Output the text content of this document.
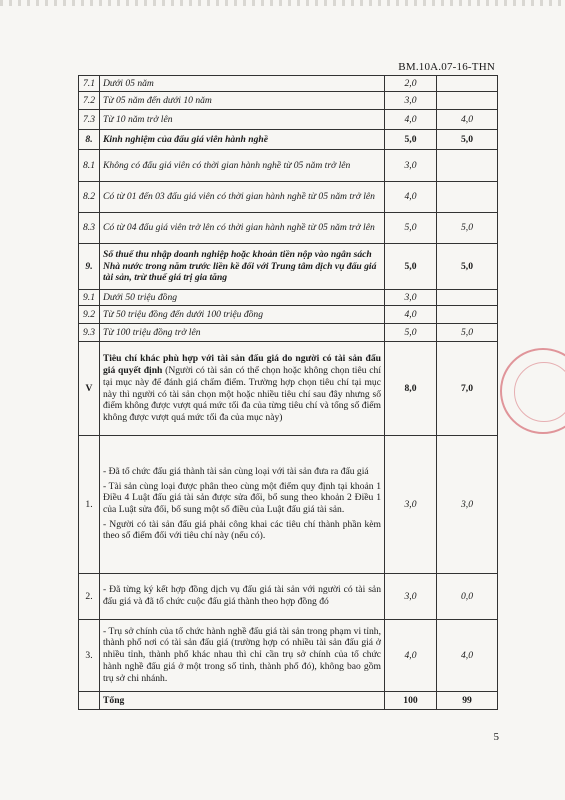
BM.10A.07-16-THN
7.1	Dưới 05 năm	2,0	
7.2	Từ 05 năm đến dưới 10 năm	3,0	
7.3	Từ 10 năm trở lên	4,0	4,0
8.	Kinh nghiệm của đấu giá viên hành nghề	5,0	5,0
8.1	Không có đấu giá viên có thời gian hành nghề từ 05 năm trở lên	3,0	
8.2	Có từ 01 đến 03 đấu giá viên có thời gian hành nghề từ 05 năm trở lên	4,0	
8.3	Có từ 04 đấu giá viên trở lên có thời gian hành nghề từ 05 năm trở lên	5,0	5,0
9.	Số thuế thu nhập doanh nghiệp hoặc khoản tiền nộp vào ngân sách Nhà nước trong năm trước liền kề đối với Trung tâm dịch vụ đấu giá tài sản, trừ thuế giá trị gia tăng	5,0	5,0
9.1	Dưới 50 triệu đồng	3,0	
9.2	Từ 50 triệu đồng đến dưới 100 triệu đồng	4,0	
9.3	Từ 100 triệu đồng trở lên	5,0	5,0
V	Tiêu chí khác phù hợp với tài sản đấu giá do người có tài sản đấu giá quyết định (Người có tài sản có thể chọn hoặc không chọn tiêu chí tại mục này để đánh giá chấm điểm. Trường hợp chọn tiêu chí tại mục này thì người có tài sản chọn một hoặc nhiều tiêu chí sau đây nhưng số điểm không được vượt quá mức tối đa của từng tiêu chí và tổng số điểm không được vượt quá mức tối đa của mục này)	8,0	7,0
1.	- Đã tổ chức đấu giá thành tài sản cùng loại với tài sản đưa ra đấu giá

- Tài sản cùng loại được phân theo cùng một điểm quy định tại khoản 1 Điều 4 Luật đấu giá tài sản được sửa đổi, bổ sung theo khoản 2 Điều 1 của Luật sửa đổi, bổ sung một số điều của Luật đấu giá tài sản.

- Người có tài sản đấu giá phải công khai các tiêu chí thành phần kèm theo số điểm đối với tiêu chí này (nếu có).	3,0	3,0
2.	- Đã từng ký kết hợp đồng dịch vụ đấu giá tài sản với người có tài sản đấu giá và đã tổ chức cuộc đấu giá thành theo hợp đồng đó	3,0	0,0
3.	- Trụ sở chính của tổ chức hành nghề đấu giá tài sản trong phạm vi tỉnh, thành phố nơi có tài sản đấu giá (trường hợp có nhiều tài sản đấu giá ở nhiều tỉnh, thành phố khác nhau thì chỉ cần trụ sở chính của tổ chức hành nghề đấu giá ở một trong số tỉnh, thành phố đó), không bao gồm trụ sở chi nhánh.	4,0	4,0
	Tổng	100	99
5
